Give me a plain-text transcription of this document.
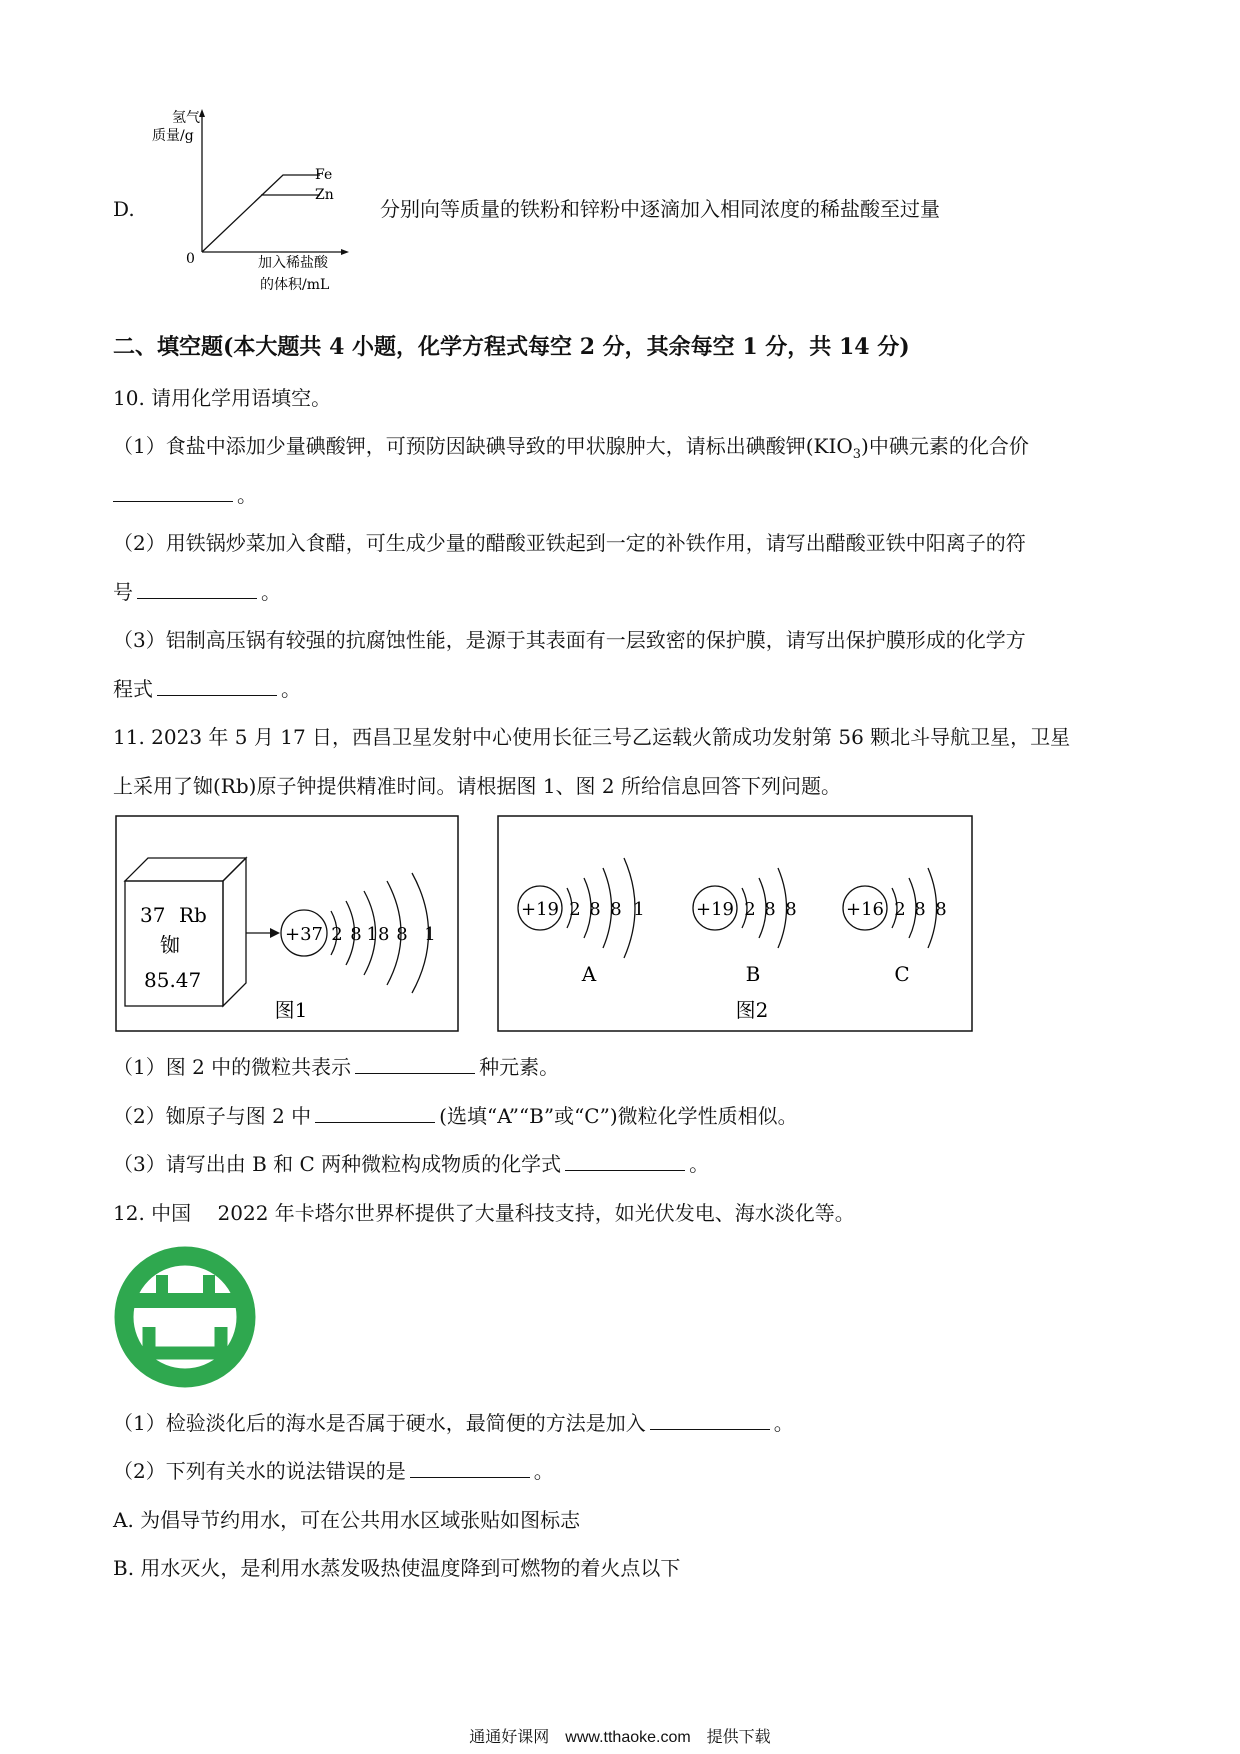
D.
氢气
质量/g
0
Fe
Zn
加入稀盐酸
的体积/mL
分别向等质量的铁粉和锌粉中逐滴加入相同浓度的稀盐酸至过量
二、填空题(本大题共 4 小题，化学方程式每空 2 分，其余每空 1 分，共 14 分)
10. 请用化学用语填空。
（1）食盐中添加少量碘酸钾，可预防因缺碘导致的甲状腺肿大，请标出碘酸钾$(KIO_3)$中碘元素的化合价
。
（2）用铁锅炒菜加入食醋，可生成少量的醋酸亚铁起到一定的补铁作用，请写出醋酸亚铁中阳离子的符
号	。
（3）铝制高压锅有较强的抗腐蚀性能，是源于其表面有一层致密的保护膜，请写出保护膜形成的化学方
程式	。
11. 2023 年 5 月 17 日，西昌卫星发射中心使用长征三号乙运载火箭成功发射第 56 颗北斗导航卫星，卫星
上采用了铷(Rb)原子钟提供精准时间。请根据图 1、图 2 所给信息回答下列问题。
37 Rb
铷
85.47
+37 2 8 18 8 1
图1
+19 2 8 8 1
A
+19 2 8 8
B
+16 2 8 8
C
图2
（1）图 2 中的微粒共表示	种元素。
（2）铷原子与图 2 中	(选填“A”“B”或“C”)微粒化学性质相似。
（3）请写出由 B 和 C 两种微粒构成物质的化学式	。
12. 中国　 2022 年卡塔尔世界杯提供了大量科技支持，如光伏发电、海水淡化等。
（1）检验淡化后的海水是否属于硬水，最简便的方法是加入	。
（2）下列有关水的说法错误的是	。
A. 为倡导节约用水，可在公共用水区域张贴如图标志
B. 用水灭火，是利用水蒸发吸热使温度降到可燃物的着火点以下
通通好课网　www.tthaoke.com　提供下载
